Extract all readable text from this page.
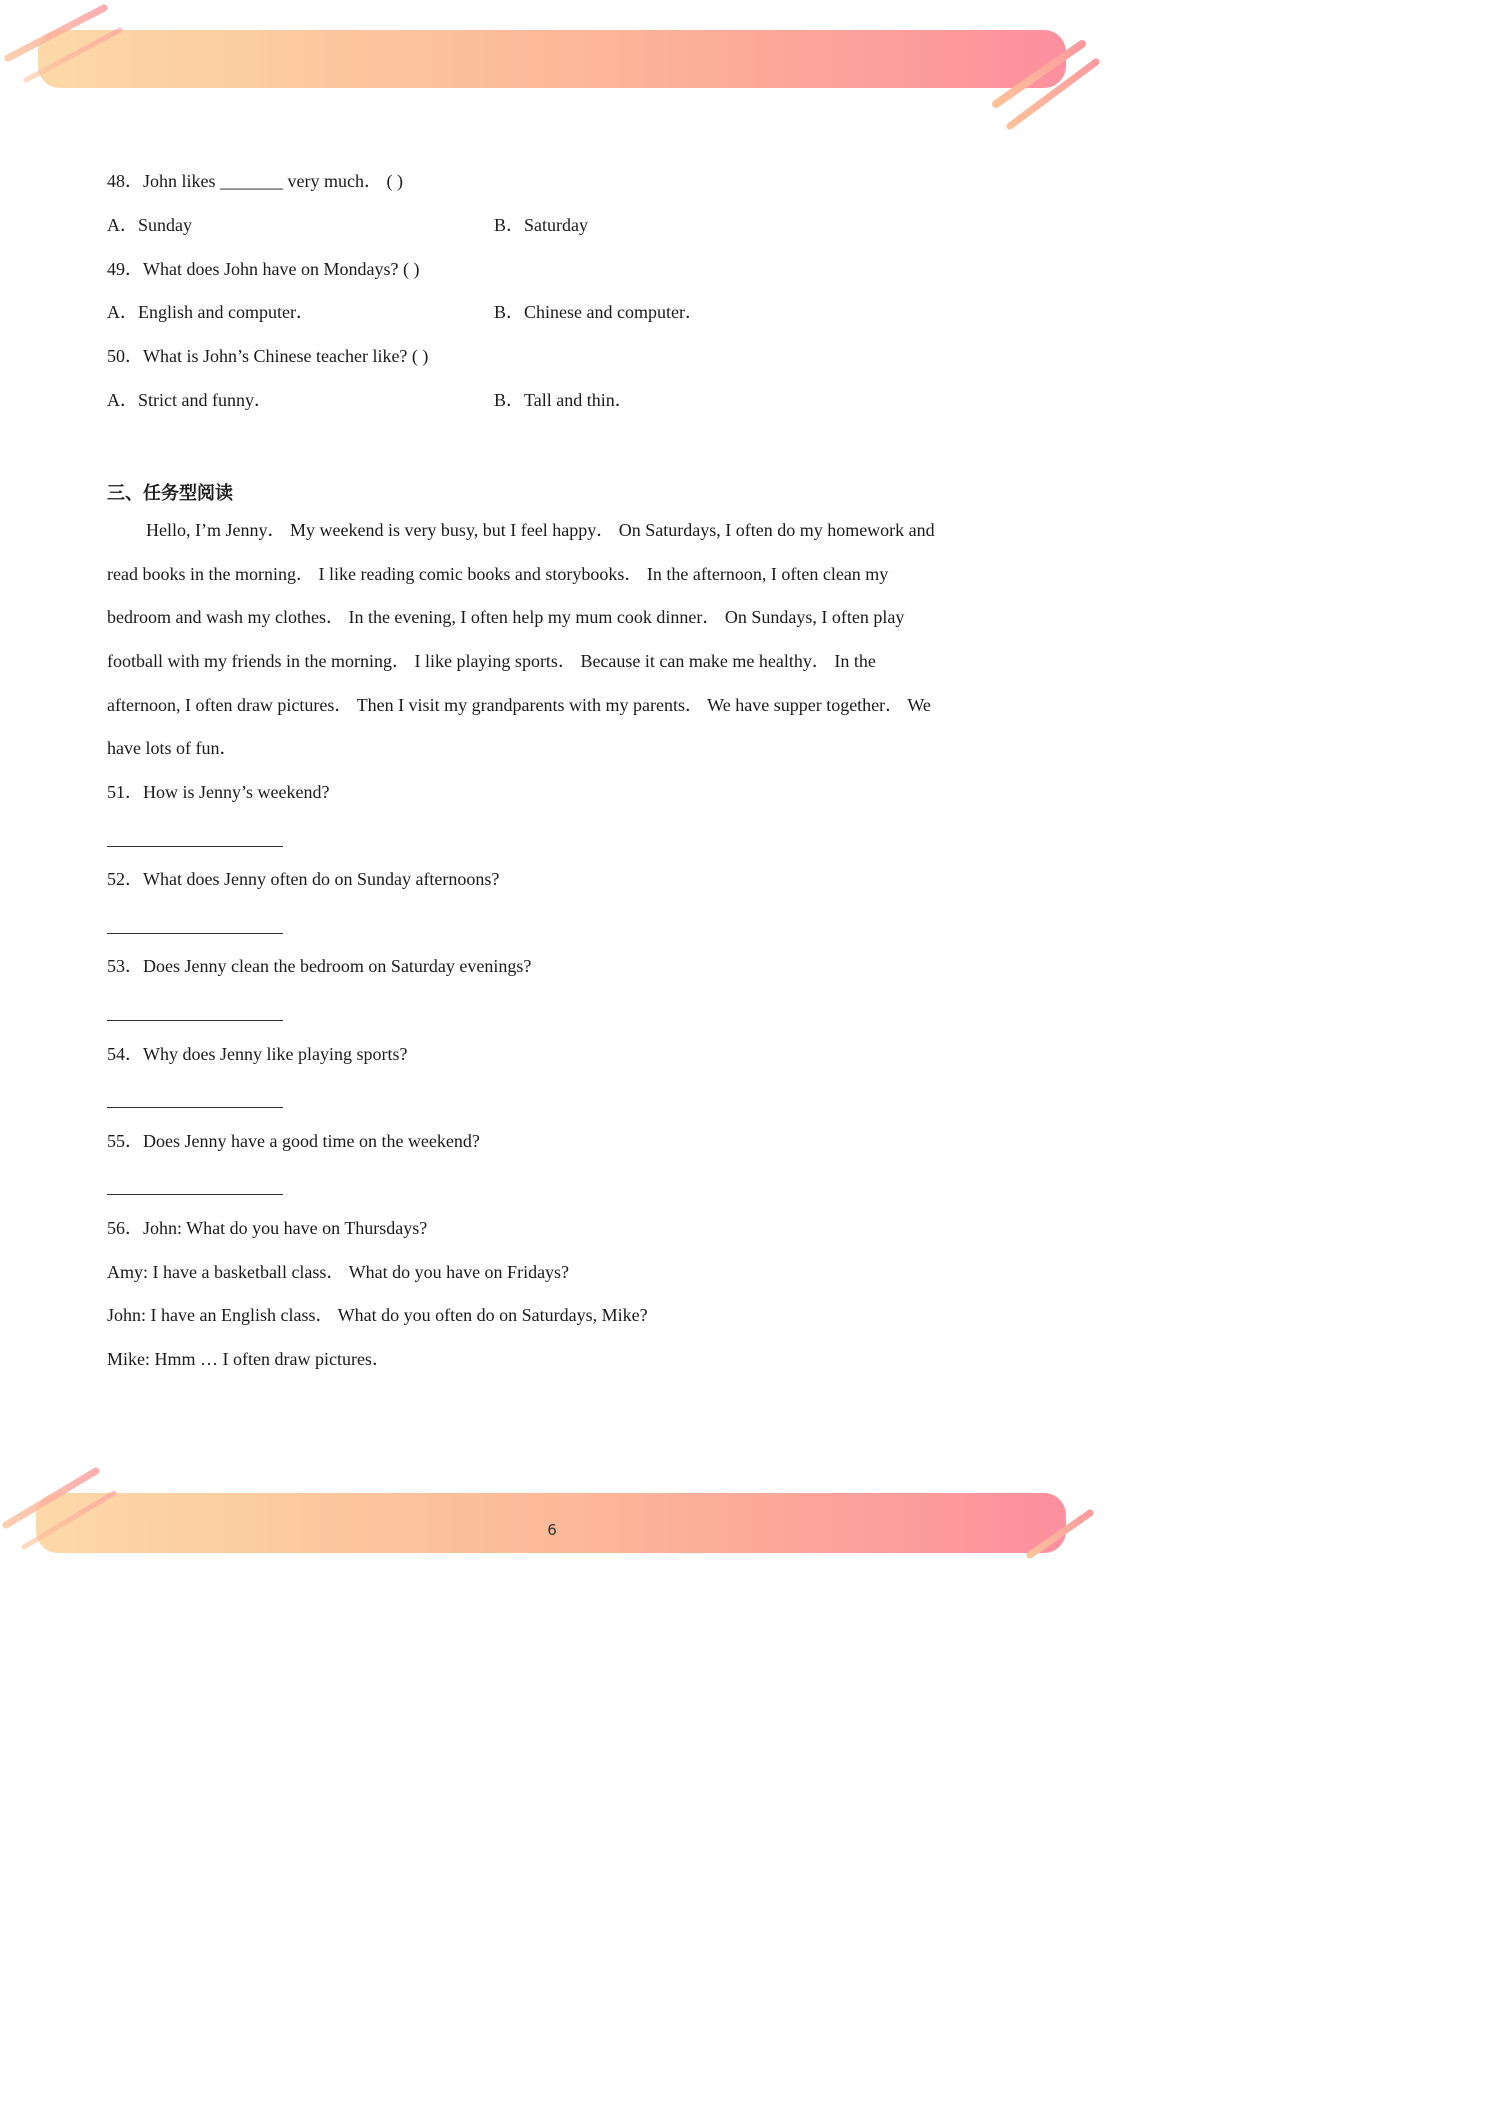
48．John likes _______ very much． ( )
A．Sunday	B．Saturday
49．What does John have on Mondays? ( )
A．English and computer．	B．Chinese and computer．
50．What is John’s Chinese teacher like? ( )
A．Strict and funny．	B．Tall and thin．
三、任务型阅读
Hello, I’m Jenny． My weekend is very busy, but I feel happy． On Saturdays, I often do my homework and
read books in the morning． I like reading comic books and storybooks． In the afternoon, I often clean my
bedroom and wash my clothes． In the evening, I often help my mum cook dinner． On Sundays, I often play
football with my friends in the morning． I like playing sports． Because it can make me healthy． In the
afternoon, I often draw pictures． Then I visit my grandparents with my parents． We have supper together． We
have lots of fun．
51．How is Jenny’s weekend?
52．What does Jenny often do on Sunday afternoons?
53．Does Jenny clean the bedroom on Saturday evenings?
54．Why does Jenny like playing sports?
55．Does Jenny have a good time on the weekend?
56．John: What do you have on Thursdays?
Amy: I have a basketball class． What do you have on Fridays?
John: I have an English class． What do you often do on Saturdays, Mike?
Mike: Hmm … I often draw pictures．
6
